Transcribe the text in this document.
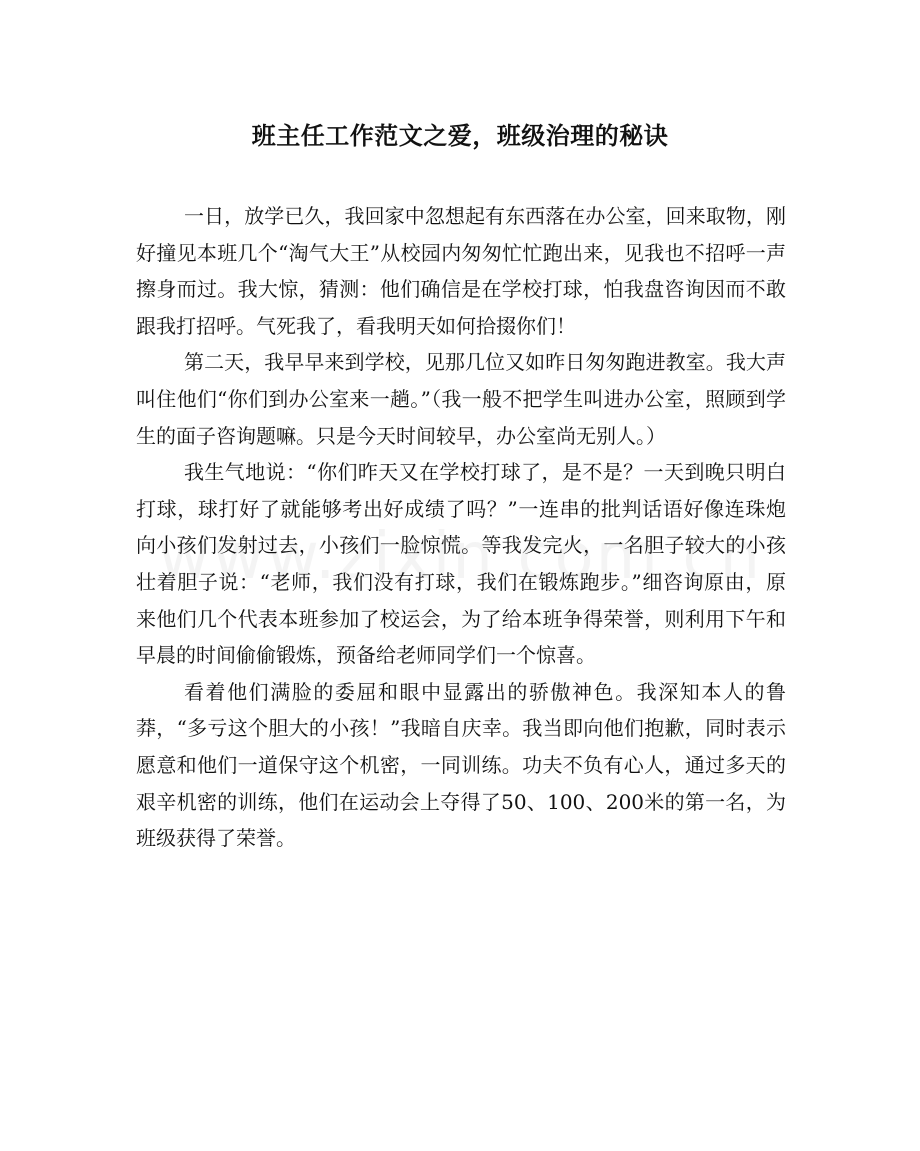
班主任工作范文之爱，班级治理的秘诀

一日，放学已久，我回家中忽想起有东西落在办公室，回来取物，刚好撞见本班几个“淘气大王”从校园内匆匆忙忙跑出来，见我也不招呼一声擦身而过。我大惊，猜测：他们确信是在学校打球，怕我盘咨询因而不敢跟我打招呼。气死我了，看我明天如何拾掇你们！

第二天，我早早来到学校，见那几位又如昨日匆匆跑进教室。我大声叫住他们“你们到办公室来一趟。”（我一般不把学生叫进办公室，照顾到学生的面子咨询题嘛。只是今天时间较早，办公室尚无别人。）

我生气地说：“你们昨天又在学校打球了，是不是？一天到晚只明白打球，球打好了就能够考出好成绩了吗？”一连串的批判话语好像连珠炮向小孩们发射过去，小孩们一脸惊慌。等我发完火，一名胆子较大的小孩壮着胆子说：“老师，我们没有打球，我们在锻炼跑步。”细咨询原由，原来他们几个代表本班参加了校运会，为了给本班争得荣誉，则利用下午和早晨的时间偷偷锻炼，预备给老师同学们一个惊喜。

看着他们满脸的委屈和眼中显露出的骄傲神色。我深知本人的鲁莽，“多亏这个胆大的小孩！”我暗自庆幸。我当即向他们抱歉，同时表示愿意和他们一道保守这个机密，一同训练。功夫不负有心人，通过多天的艰辛机密的训练，他们在运动会上夺得了50、100、200米的第一名，为班级获得了荣誉。
